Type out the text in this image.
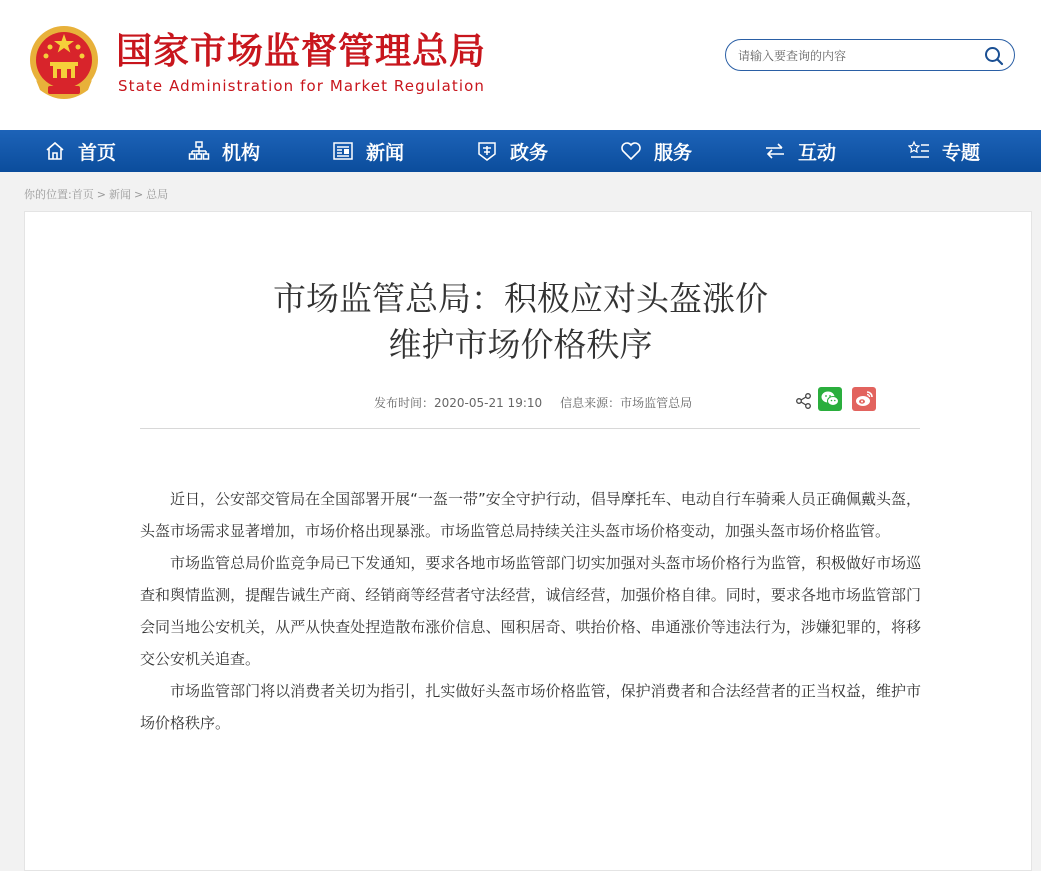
国家市场监督管理总局
State Administration for Market Regulation
请输入要查询的内容
首页	机构	新闻	政务	服务	互动	专题
你的位置:首页 > 新闻 > 总局
市场监管总局：积极应对头盔涨价
维护市场价格秩序
发布时间：2020-05-21 19:10 信息来源：市场监管总局

近日，公安部交管局在全国部署开展“一盔一带”安全守护行动，倡导摩托车、电动自行车骑乘人员正确佩戴头盔，头盔市场需求显著增加，市场价格出现暴涨。市场监管总局持续关注头盔市场价格变动，加强头盔市场价格监管。

市场监管总局价监竞争局已下发通知，要求各地市场监管部门切实加强对头盔市场价格行为监管，积极做好市场巡查和舆情监测，提醒告诫生产商、经销商等经营者守法经营，诚信经营，加强价格自律。同时，要求各地市场监管部门会同当地公安机关，从严从快查处捏造散布涨价信息、囤积居奇、哄抬价格、串通涨价等违法行为，涉嫌犯罪的，将移交公安机关追查。

市场监管部门将以消费者关切为指引，扎实做好头盔市场价格监管，保护消费者和合法经营者的正当权益，维护市场价格秩序。
